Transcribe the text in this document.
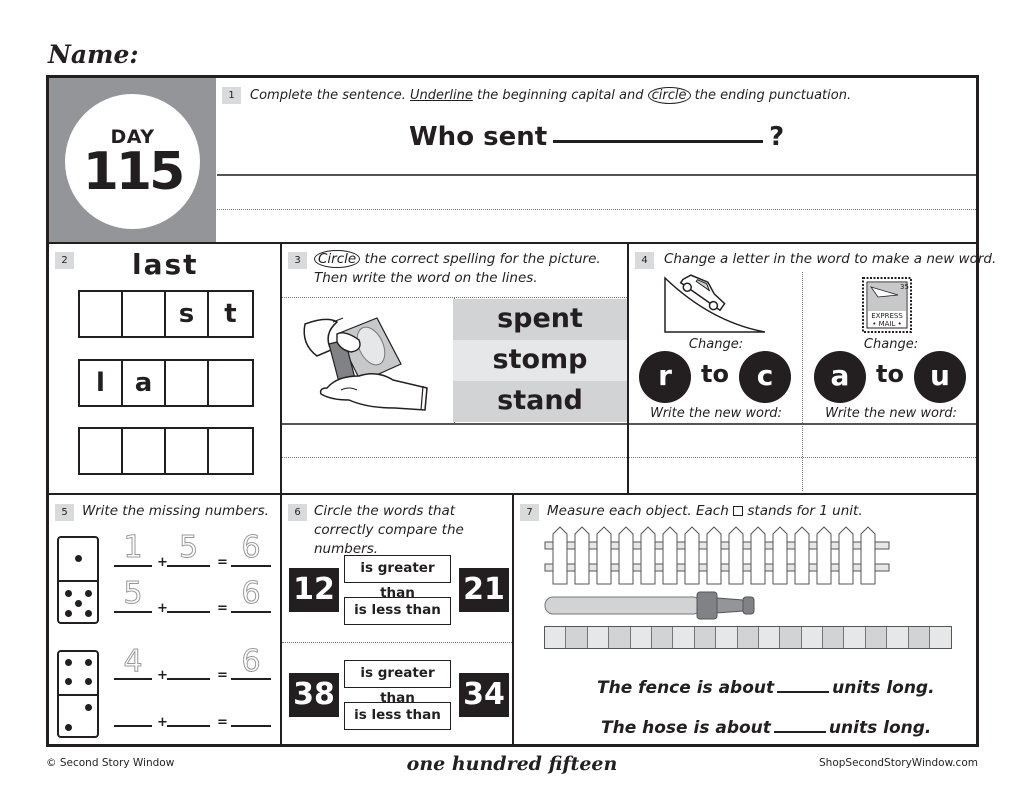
Name:
DAY
115
1	Complete the sentence. Underline the beginning capital and circle the ending punctuation.
Who sent	?
2 last
s	t
l	a
3	Circle the correct spelling for the picture. Then write the word on the lines.
spent
stomp
stand
4	Change a letter in the word to make a new word.
35
EXPRESS
• MAIL •
Change:
r	to c
Write the new word:
Change:
a	to u
Write the new word:
5	Write the missing numbers.
1	+ 5	= 6
5	+	= 6
4	+	= 6
+	=
6 Circle the words that correctly compare the numbers.
12
is greater than
is less than
21
38
is greater than
is less than
34
7	Measure each object. Each stands for 1 unit.
The fence is about	units long.
The hose is about	units long.
© Second Story Window	one hundred fifteen	ShopSecondStoryWindow.com
